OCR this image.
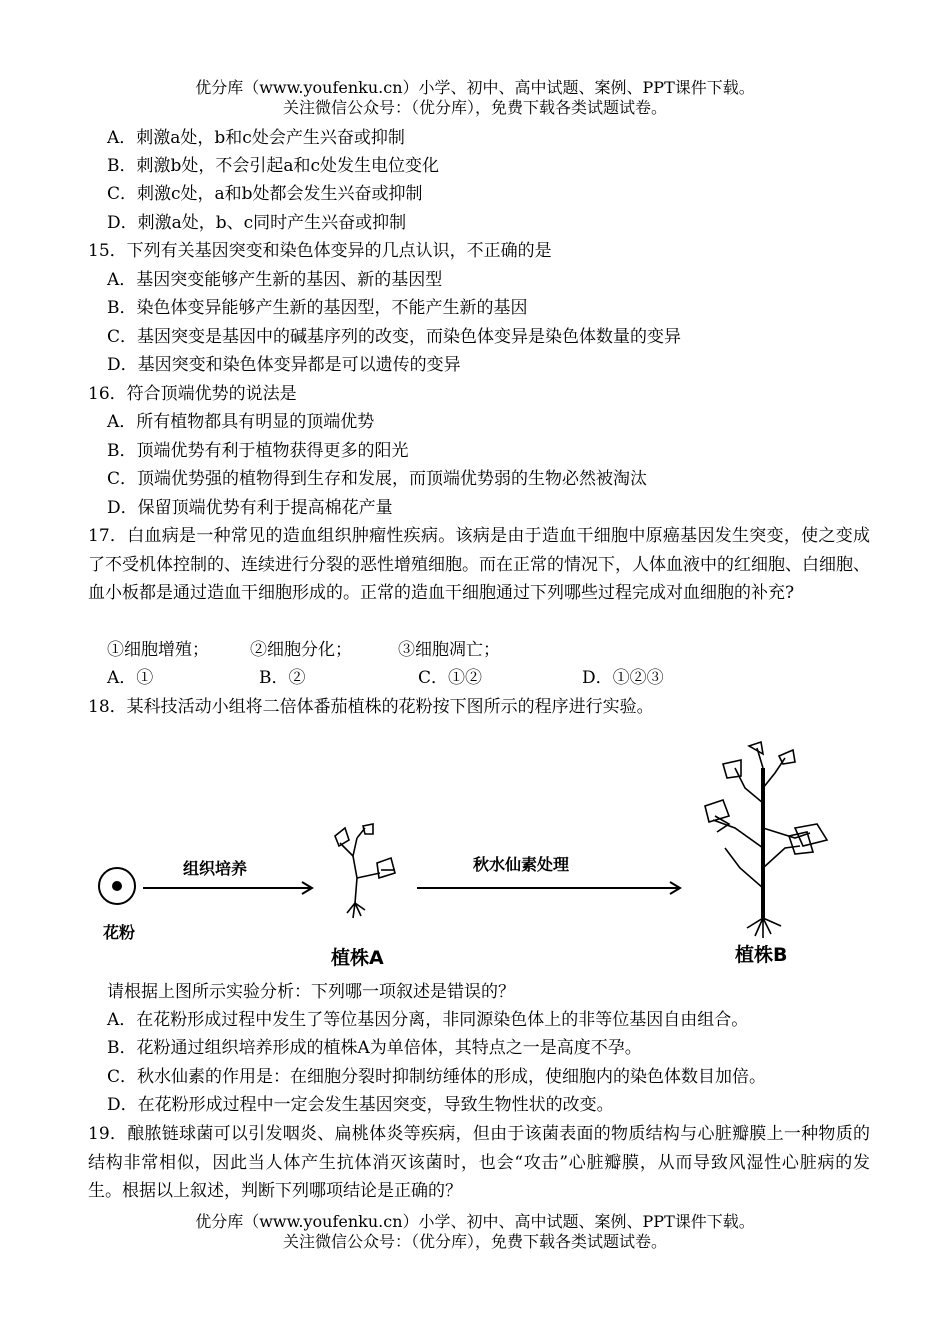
优分库（www.youfenku.cn）小学、初中、高中试题、案例、PPT课件下载。
关注微信公众号：（优分库），免费下载各类试题试卷。
A．刺激a处，b和c处会产生兴奋或抑制
B．刺激b处，不会引起a和c处发生电位变化
C．刺激c处，a和b处都会发生兴奋或抑制
D．刺激a处，b、c同时产生兴奋或抑制
15．下列有关基因突变和染色体变异的几点认识，不正确的是
A．基因突变能够产生新的基因、新的基因型
B．染色体变异能够产生新的基因型，不能产生新的基因
C．基因突变是基因中的碱基序列的改变，而染色体变异是染色体数量的变异
D．基因突变和染色体变异都是可以遗传的变异
16．符合顶端优势的说法是
A．所有植物都具有明显的顶端优势
B．顶端优势有利于植物获得更多的阳光
C．顶端优势强的植物得到生存和发展，而顶端优势弱的生物必然被淘汰
D．保留顶端优势有利于提高棉花产量
17．白血病是一种常见的造血组织肿瘤性疾病。该病是由于造血干细胞中原癌基因发生突变，使之变成了不受机体控制的、连续进行分裂的恶性增殖细胞。而在正常的情况下，人体血液中的红细胞、白细胞、血小板都是通过造血干细胞形成的。正常的造血干细胞通过下列哪些过程完成对血细胞的补充?
①细胞增殖； ②细胞分化；	③细胞凋亡；
A．①	B．②	C．①②	D．①②③
18．某科技活动小组将二倍体番茄植株的花粉按下图所示的程序进行实验。
花粉
组织培养
植株A
秋水仙素处理
植株B
请根据上图所示实验分析：下列哪一项叙述是错误的？
A．在花粉形成过程中发生了等位基因分离，非同源染色体上的非等位基因自由组合。
B．花粉通过组织培养形成的植株A为单倍体，其特点之一是高度不孕。
C．秋水仙素的作用是：在细胞分裂时抑制纺缍体的形成，使细胞内的染色体数目加倍。
D．在花粉形成过程中一定会发生基因突变，导致生物性状的改变。
19．酿脓链球菌可以引发咽炎、扁桃体炎等疾病，但由于该菌表面的物质结构与心脏瓣膜上一种物质的结构非常相似，因此当人体产生抗体消灭该菌时，也会“攻击”心脏瓣膜，从而导致风湿性心脏病的发生。根据以上叙述，判断下列哪项结论是正确的？
优分库（www.youfenku.cn）小学、初中、高中试题、案例、PPT课件下载。
关注微信公众号：（优分库），免费下载各类试题试卷。
